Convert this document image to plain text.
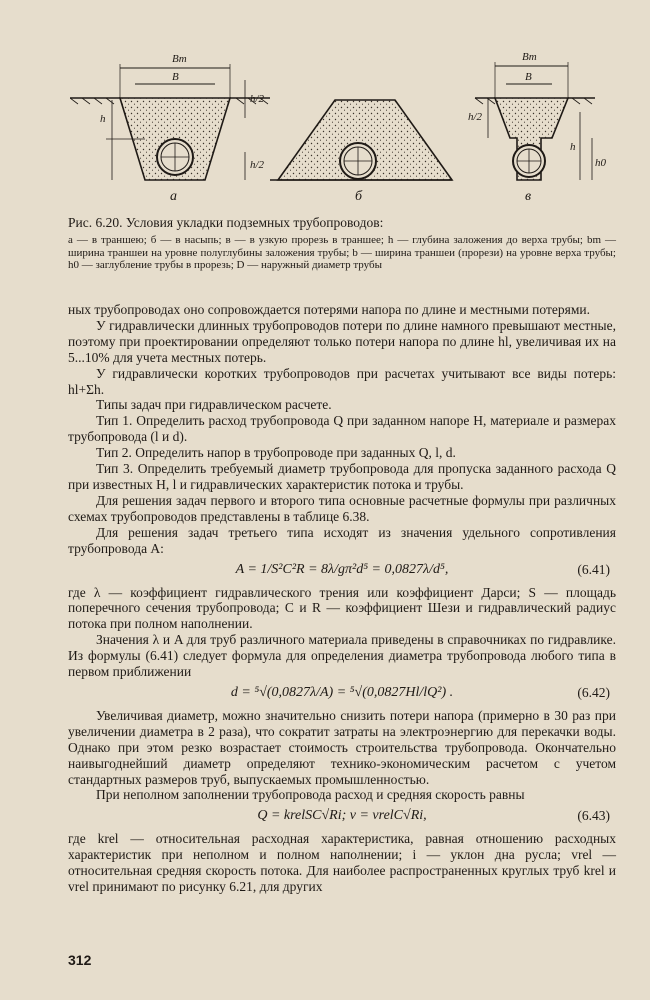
Bт
B
h
h/2
h/2
а	б
Bт
B
h/2
h
h0
в

Рис. 6.20. Условия укладки подземных трубопроводов:

а — в траншею; б — в насыпь; в — в узкую прорезь в траншее; h — глубина заложения до верха трубы; bm — ширина траншеи на уровне полуглубины заложения трубы; b — ширина траншеи (прорези) на уровне верха трубы; h0 — заглубление трубы в прорезь; D — наружный диаметр трубы

ных трубопроводах оно сопровождается потерями напора по длине и местными потерями.

У гидравлически длинных трубопроводов потери по длине намного превышают местные, поэтому при проектировании определяют только потери напора по длине hl, увеличивая их на 5...10% для учета местных потерь.

У гидравлически коротких трубопроводов при расчетах учитывают все виды потерь: hl+Σh.

Типы задач при гидравлическом расчете.

Тип 1. Определить расход трубопровода Q при заданном напоре H, материале и размерах трубопровода (l и d).

Тип 2. Определить напор в трубопроводе при заданных Q, l, d.

Тип 3. Определить требуемый диаметр трубопровода для пропуска заданного расхода Q при известных H, l и гидравлических характеристик потока и трубы.

Для решения задач первого и второго типа основные расчетные формулы при различных схемах трубопроводов представлены в таблице 6.38.

Для решения задач третьего типа исходят из значения удельного сопротивления трубопровода A:

A = 1/S²C²R = 8λ/gπ²d⁵ = 0,0827λ/d⁵,	(6.41)

где λ — коэффициент гидравлического трения или коэффициент Дарси; S — площадь поперечного сечения трубопровода; C и R — коэффициент Шези и гидравлический радиус потока при полном наполнении.

Значения λ и A для труб различного материала приведены в справочниках по гидравлике. Из формулы (6.41) следует формула для определения диаметра трубопровода любого типа в первом приближении

d = ⁵√(0,0827λ/A) = ⁵√(0,0827Hl/lQ²) .	(6.42)

Увеличивая диаметр, можно значительно снизить потери напора (примерно в 30 раз при увеличении диаметра в 2 раза), что сократит затраты на электроэнергию для перекачки воды. Однако при этом резко возрастает стоимость строительства трубопровода. Окончательно наивыгоднейший диаметр определяют технико-экономическим расчетом с учетом стандартных размеров труб, выпускаемых промышленностью.

При неполном заполнении трубопровода расход и средняя скорость равны

Q = krelSC√Ri; v = vrelC√Ri,	(6.43)

где krel — относительная расходная характеристика, равная отношению расходных характеристик при неполном и полном наполнении; i — уклон дна русла; vrel — относительная средняя скорость потока. Для наиболее распространенных круглых труб krel и vrel принимают по рисунку 6.21, для других

312
